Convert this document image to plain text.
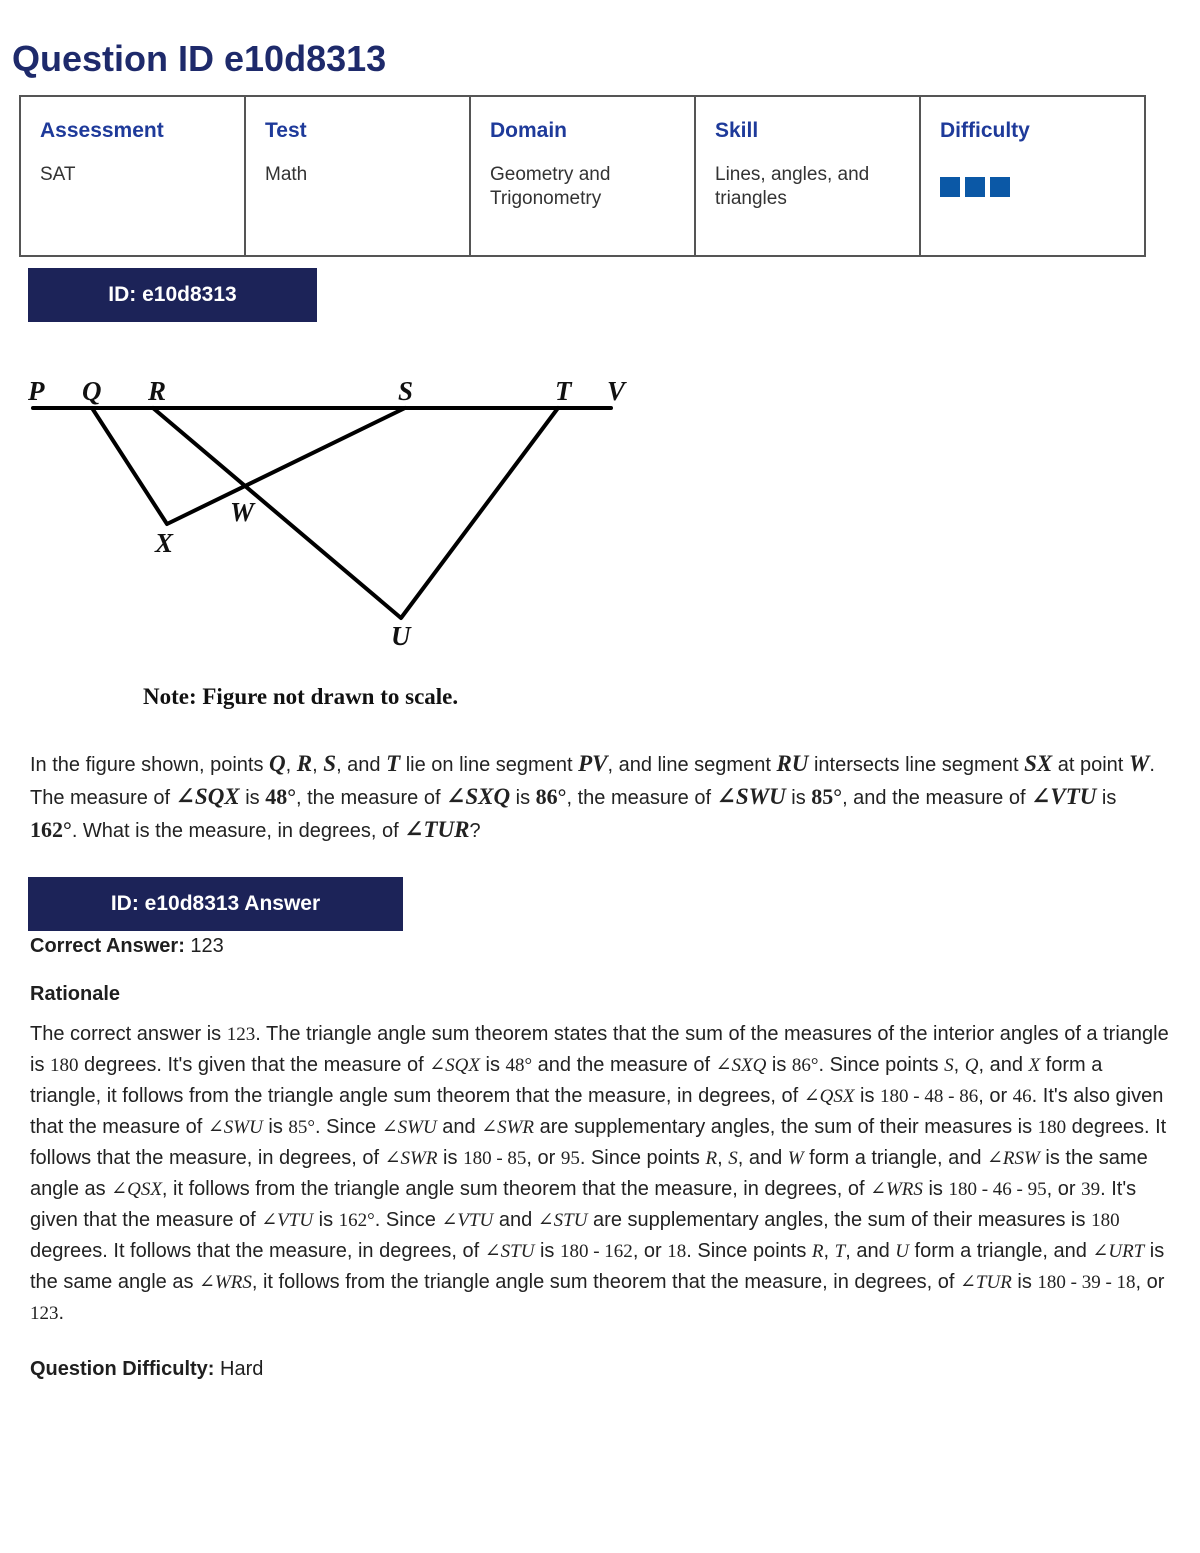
Question ID e10d8313
Assessment
SAT

Test
Math

Domain
Geometry and Trigonometry

Skill
Lines, angles, and triangles

Difficulty
ID: e10d8313
P Q R	S	T V
W
X
U
Note: Figure not drawn to scale.

In the figure shown, points Q, R, S, and T lie on line segment PV, and line segment RU intersects line segment SX at point W. The measure of ∠SQX is 48°, the measure of ∠SXQ is 86°, the measure of ∠SWU is 85°, and the measure of ∠VTU is 162°. What is the measure, in degrees, of ∠TUR?

ID: e10d8313 Answer

Correct Answer: 123

Rationale

The correct answer is 123. The triangle angle sum theorem states that the sum of the measures of the interior angles of a triangle is 180 degrees. It's given that the measure of ∠SQX is 48° and the measure of ∠SXQ is 86°. Since points S, Q, and X form a triangle, it follows from the triangle angle sum theorem that the measure, in degrees, of ∠QSX is 180 - 48 - 86, or 46. It's also given that the measure of ∠SWU is 85°. Since ∠SWU and ∠SWR are supplementary angles, the sum of their measures is 180 degrees. It follows that the measure, in degrees, of ∠SWR is 180 - 85, or 95. Since points R, S, and W form a triangle, and ∠RSW is the same angle as ∠QSX, it follows from the triangle angle sum theorem that the measure, in degrees, of ∠WRS is 180 - 46 - 95, or 39. It's given that the measure of ∠VTU is 162°. Since ∠VTU and ∠STU are supplementary angles, the sum of their measures is 180 degrees. It follows that the measure, in degrees, of ∠STU is 180 - 162, or 18. Since points R, T, and U form a triangle, and ∠URT is the same angle as ∠WRS, it follows from the triangle angle sum theorem that the measure, in degrees, of ∠TUR is 180 - 39 - 18, or 123.

Question Difficulty: Hard
